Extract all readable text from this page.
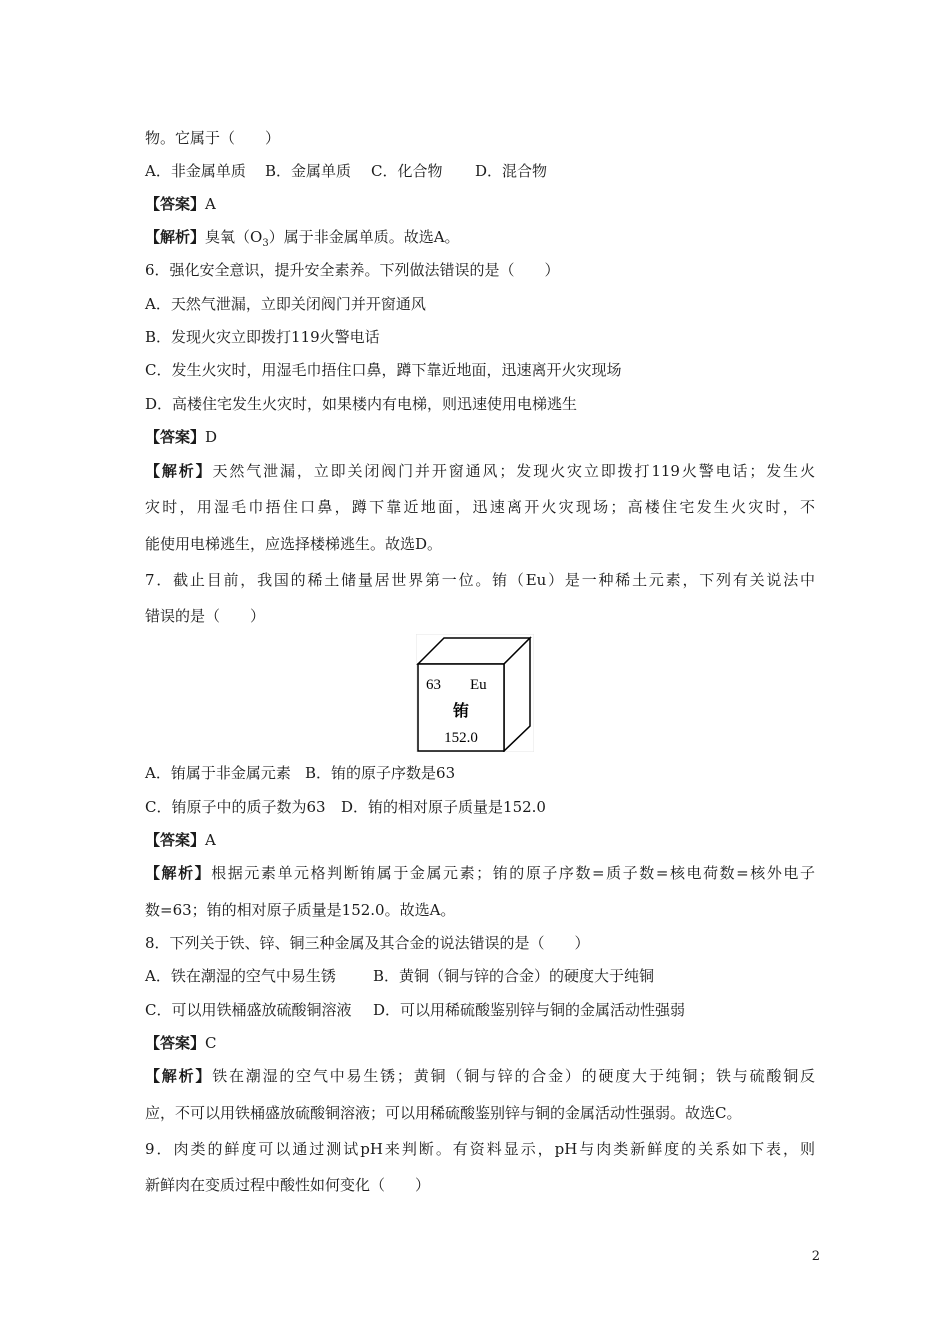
物。它属于（　　）
A．非金属单质 B．金属单质 C．化合物 D．混合物
【答案】A
【解析】臭氧$(O_3)$属于非金属单质。故选A。
6．强化安全意识，提升安全素养。下列做法错误的是（　　）
A．天然气泄漏，立即关闭阀门并开窗通风
B．发现火灾立即拨打119火警电话
C．发生火灾时，用湿毛巾捂住口鼻，蹲下靠近地面，迅速离开火灾现场
D．高楼住宅发生火灾时，如果楼内有电梯，则迅速使用电梯逃生
【答案】D
【解析】天然气泄漏，立即关闭阀门并开窗通风；发现火灾立即拨打119火警电话；发生火
灾时，用湿毛巾捂住口鼻，蹲下靠近地面，迅速离开火灾现场；高楼住宅发生火灾时，不
能使用电梯逃生，应选择楼梯逃生。故选D。
7．截止目前，我国的稀土储量居世界第一位。铕（Eu）是一种稀土元素，下列有关说法中
错误的是（　　）
63 Eu
铕
152.0
A．铕属于非金属元素 B．铕的原子序数是63
C．铕原子中的质子数为63 D．铕的相对原子质量是152.0
【答案】A
【解析】根据元素单元格判断铕属于金属元素；铕的原子序数=质子数=核电荷数=核外电子
数=63；铕的相对原子质量是152.0。故选A。
8．下列关于铁、锌、铜三种金属及其合金的说法错误的是（　　）
A．铁在潮湿的空气中易生锈 B．黄铜（铜与锌的合金）的硬度大于纯铜
C．可以用铁桶盛放硫酸铜溶液 D．可以用稀硫酸鉴别锌与铜的金属活动性强弱
【答案】C
【解析】铁在潮湿的空气中易生锈；黄铜（铜与锌的合金）的硬度大于纯铜；铁与硫酸铜反
应，不可以用铁桶盛放硫酸铜溶液；可以用稀硫酸鉴别锌与铜的金属活动性强弱。故选C。
9．肉类的鲜度可以通过测试pH来判断。有资料显示，pH与肉类新鲜度的关系如下表，则
新鲜肉在变质过程中酸性如何变化（　　）
2
